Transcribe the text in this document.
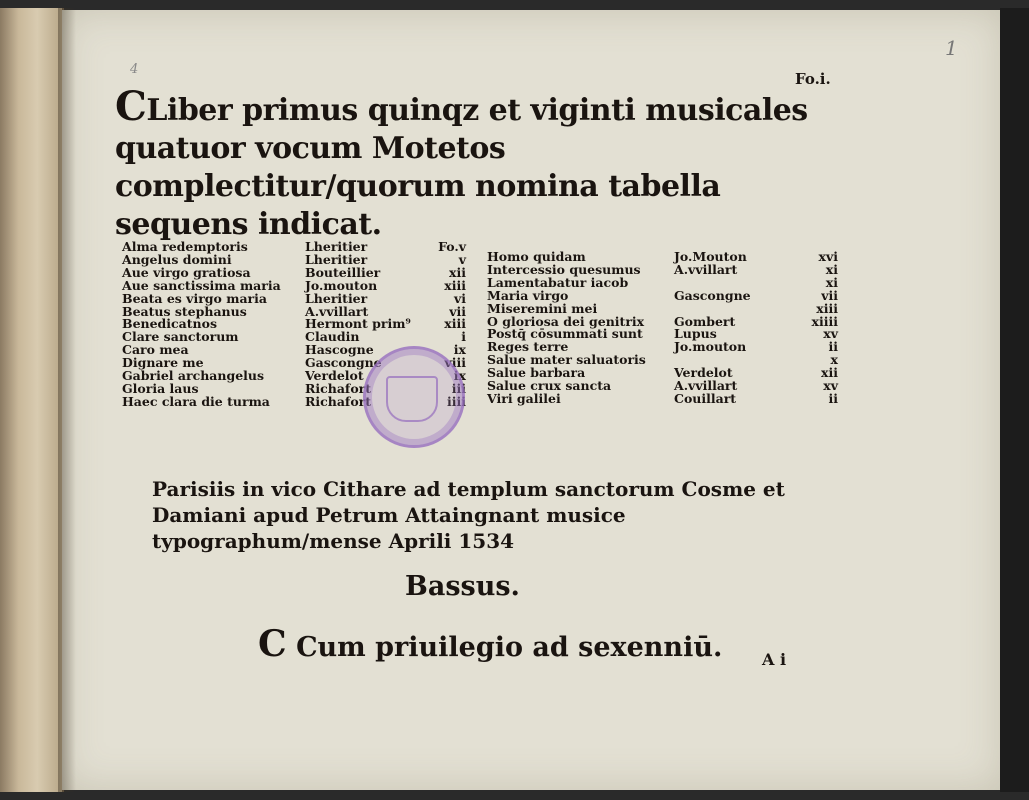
1
4
Fo.i.
CLiber primus quinqz et viginti musicales quatuor vocum Motetos complectitur/quorum nomina tabella sequens indicat.
Alma redemptoris
Angelus domini
Aue virgo gratiosa
Aue sanctissima maria
Beata es virgo maria
Beatus stephanus
Benedicatnos
Clare sanctorum
Caro mea
Dignare me
Gabriel archangelus
Gloria laus
Haec clara die turma
Lheritier
Lheritier
Bouteillier
Jo.mouton
Lheritier
A.vvillart
Hermont prim⁹
Claudin
Hascogne
Gascongne
Verdelot
Richafort
Richafort
Fo.v
v
xii
xiii
vi
vii
xiii
i
ix
viii
ix
iii
iiii
Homo quidam
Intercessio quesumus
Lamentabatur iacob
Maria virgo
Miseremini mei
O gloriosa dei genitrix
Postq̄ cōsummati sunt
Reges terre
Salue mater saluatoris
Salue barbara
Salue crux sancta
Viri galilei
Jo.Mouton
A.vvillart

Gascongne

Gombert
Lupus
Jo.mouton

Verdelot
A.vvillart
Couillart
xvi
xi
xi
vii
xiii
xiiii
xv
ii
x
xii
xv
ii
Parisiis in vico Cithare ad templum sanctorum Cosme et Damiani apud Petrum Attaingnant musice typographum/mense Aprili 1534
Bassus.
C Cum priuilegio ad sexenniū. A i
